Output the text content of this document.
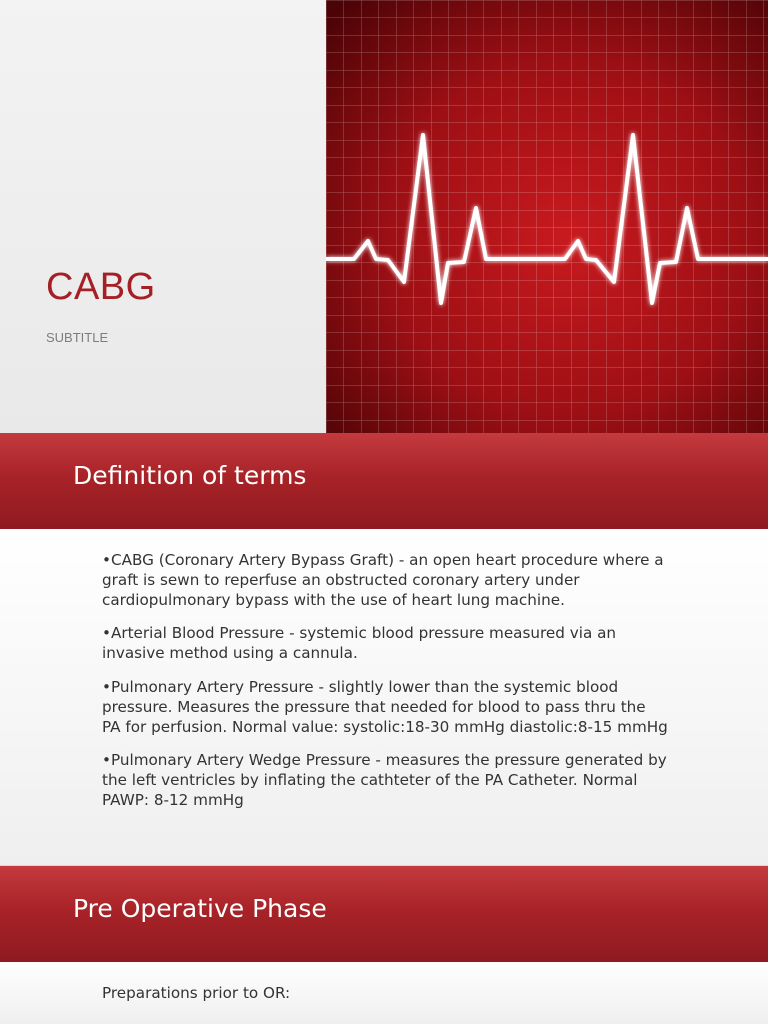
CABG
SUBTITLE
Definition of terms
•CABG (Coronary Artery Bypass Graft) - an open heart procedure where a graft is sewn to reperfuse an obstructed coronary artery under cardiopulmonary bypass with the use of heart lung machine.
•Arterial Blood Pressure - systemic blood pressure measured via an invasive method using a cannula.
•Pulmonary Artery Pressure - slightly lower than the systemic blood pressure. Measures the pressure that needed for blood to pass thru the PA for perfusion. Normal value: systolic:18-30 mmHg diastolic:8-15 mmHg
•Pulmonary Artery Wedge Pressure - measures the pressure generated by the left ventricles by inflating the cathteter of the PA Catheter. Normal PAWP: 8-12 mmHg
Pre Operative Phase
Preparations prior to OR:
